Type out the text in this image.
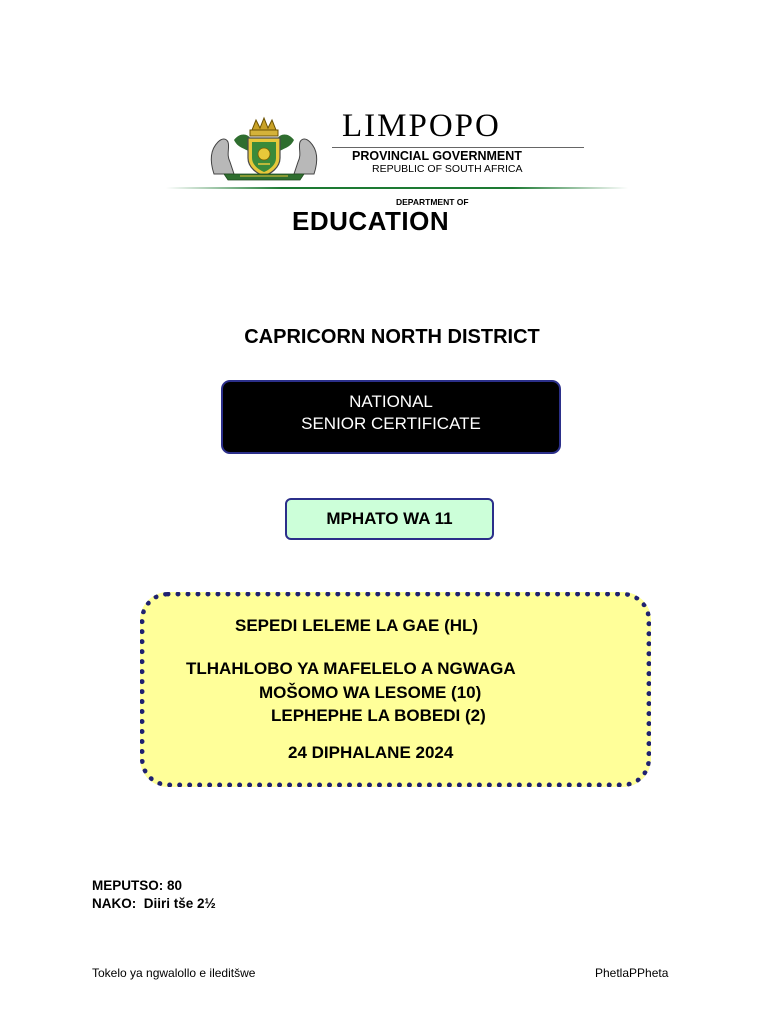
LIMPOPO
PROVINCIAL GOVERNMENT
REPUBLIC OF SOUTH AFRICA
DEPARTMENT OF
EDUCATION
CAPRICORN NORTH DISTRICT
NATIONAL
SENIOR CERTIFICATE
MPHATO WA 11
SEPEDI LELEME LA GAE (HL)
TLHAHLOBO YA MAFELELO A NGWAGA
MOŠOMO WA LESOME (10)
LEPHEPHE LA BOBEDI (2)
24 DIPHALANE 2024
MEPUTSO: 80
NAKO:  Diiri tše 2½
Tokelo ya ngwalollo e ileditšwe	PhetlaPPheta
